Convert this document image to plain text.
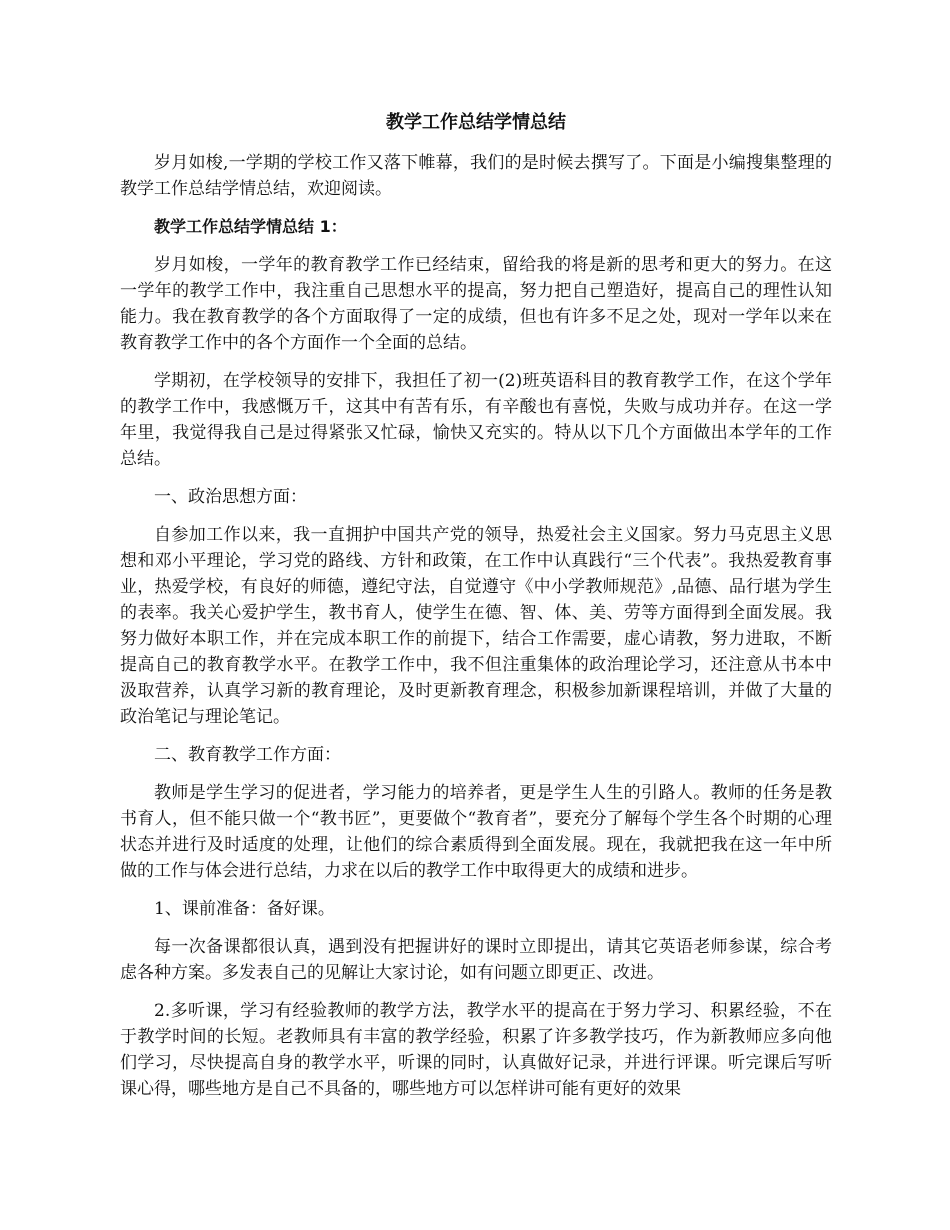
教学工作总结学情总结

岁月如梭,一学期的学校工作又落下帷幕，我们的是时候去撰写了。下面是小编搜集整理的教学工作总结学情总结，欢迎阅读。

教学工作总结学情总结 1：

岁月如梭，一学年的教育教学工作已经结束，留给我的将是新的思考和更大的努力。在这一学年的教学工作中，我注重自己思想水平的提高，努力把自己塑造好，提高自己的理性认知能力。我在教育教学的各个方面取得了一定的成绩，但也有许多不足之处，现对一学年以来在教育教学工作中的各个方面作一个全面的总结。

学期初，在学校领导的安排下，我担任了初一(2)班英语科目的教育教学工作，在这个学年的教学工作中，我感慨万千，这其中有苦有乐，有辛酸也有喜悦，失败与成功并存。在这一学年里，我觉得我自己是过得紧张又忙碌，愉快又充实的。特从以下几个方面做出本学年的工作总结。

一、政治思想方面：

自参加工作以来，我一直拥护中国共产党的领导，热爱社会主义国家。努力马克思主义思想和邓小平理论，学习党的路线、方针和政策，在工作中认真践行“三个代表”。我热爱教育事业，热爱学校，有良好的师德，遵纪守法，自觉遵守《中小学教师规范》,品德、品行堪为学生的表率。我关心爱护学生，教书育人，使学生在德、智、体、美、劳等方面得到全面发展。我努力做好本职工作，并在完成本职工作的前提下，结合工作需要，虚心请教，努力进取，不断提高自己的教育教学水平。在教学工作中，我不但注重集体的政治理论学习，还注意从书本中汲取营养，认真学习新的教育理论，及时更新教育理念，积极参加新课程培训，并做了大量的政治笔记与理论笔记。

二、教育教学工作方面：

教师是学生学习的促进者，学习能力的培养者，更是学生人生的引路人。教师的任务是教书育人，但不能只做一个“教书匠”，更要做个“教育者”，要充分了解每个学生各个时期的心理状态并进行及时适度的处理，让他们的综合素质得到全面发展。现在，我就把我在这一年中所做的工作与体会进行总结，力求在以后的教学工作中取得更大的成绩和进步。

1、课前准备：备好课。

每一次备课都很认真，遇到没有把握讲好的课时立即提出，请其它英语老师参谋，综合考虑各种方案。多发表自己的见解让大家讨论，如有问题立即更正、改进。

2.多听课，学习有经验教师的教学方法，教学水平的提高在于努力学习、积累经验，不在于教学时间的长短。老教师具有丰富的教学经验，积累了许多教学技巧，作为新教师应多向他们学习，尽快提高自身的教学水平，听课的同时，认真做好记录，并进行评课。听完课后写听课心得，哪些地方是自己不具备的，哪些地方可以怎样讲可能有更好的效果
